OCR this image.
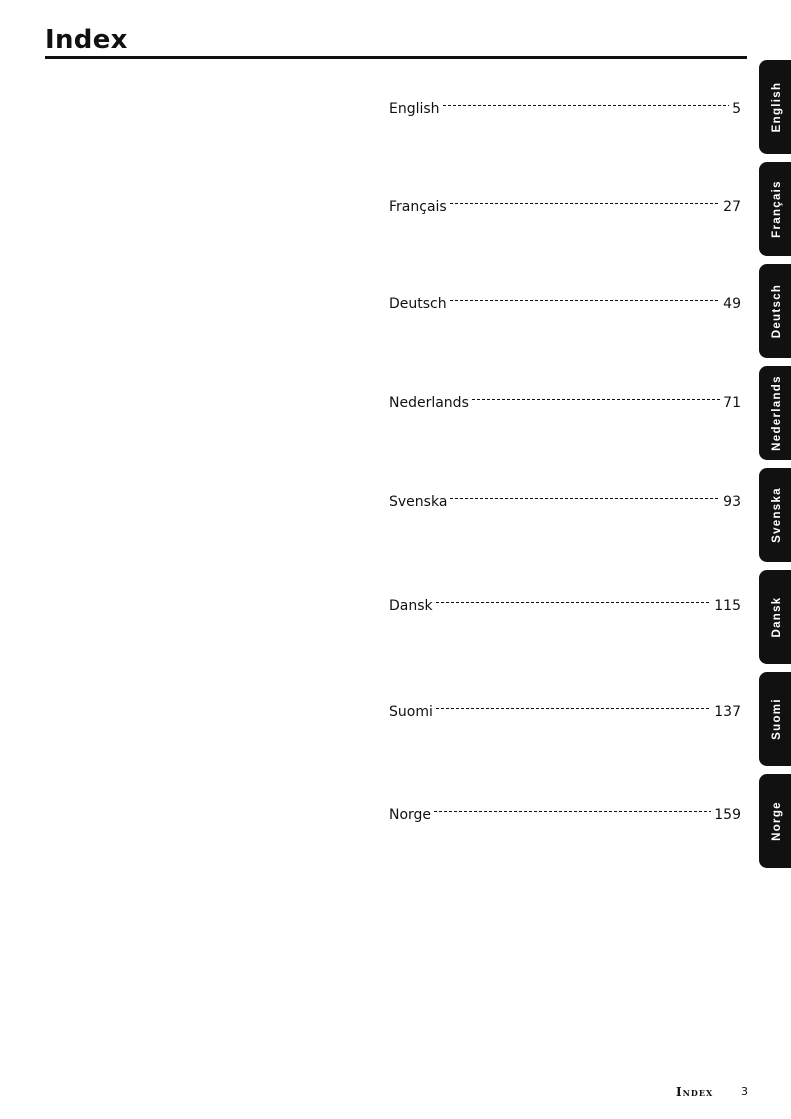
Index
English	5
Français	27
Deutsch	49
Nederlands	71
Svenska	93
Dansk	115
Suomi	137
Norge	159
English
Français
Deutsch
Nederlands
Svenska
Dansk
Suomi
Norge
Index	3
